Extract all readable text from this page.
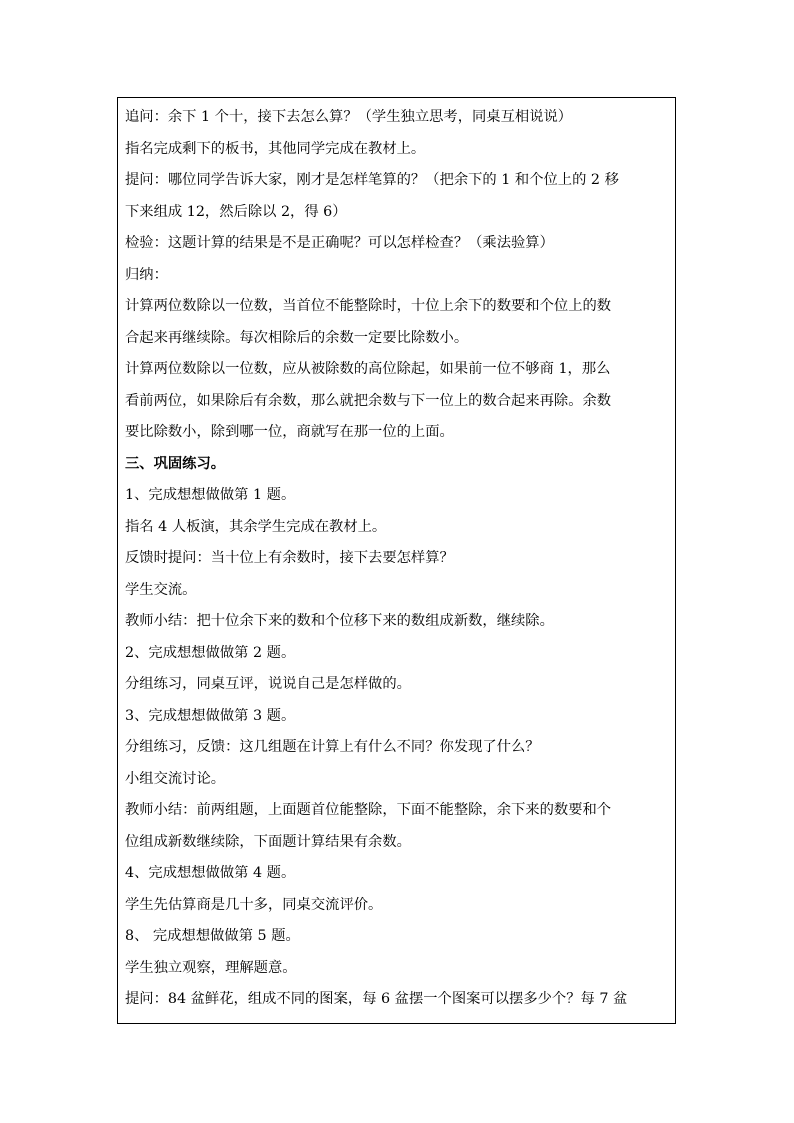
追问：余下 1 个十，接下去怎么算？（学生独立思考，同桌互相说说）
指名完成剩下的板书，其他同学完成在教材上。
提问：哪位同学告诉大家，刚才是怎样笔算的？（把余下的 1 和个位上的 2 移
下来组成 12，然后除以 2，得 6）
检验：这题计算的结果是不是正确呢？可以怎样检查？（乘法验算）
归纳：
计算两位数除以一位数，当首位不能整除时，十位上余下的数要和个位上的数
合起来再继续除。每次相除后的余数一定要比除数小。
计算两位数除以一位数，应从被除数的高位除起，如果前一位不够商 1，那么
看前两位，如果除后有余数，那么就把余数与下一位上的数合起来再除。余数
要比除数小，除到哪一位，商就写在那一位的上面。
三、巩固练习。
1、完成想想做做第 1 题。
指名 4 人板演，其余学生完成在教材上。
反馈时提问：当十位上有余数时，接下去要怎样算？
学生交流。
教师小结：把十位余下来的数和个位移下来的数组成新数，继续除。
2、完成想想做做第 2 题。
分组练习，同桌互评，说说自己是怎样做的。
3、完成想想做做第 3 题。
分组练习，反馈：这几组题在计算上有什么不同？你发现了什么？
小组交流讨论。
教师小结：前两组题，上面题首位能整除，下面不能整除，余下来的数要和个
位组成新数继续除，下面题计算结果有余数。
4、完成想想做做第 4 题。
学生先估算商是几十多，同桌交流评价。
8、 完成想想做做第 5 题。
学生独立观察，理解题意。
提问：84 盆鲜花，组成不同的图案，每 6 盆摆一个图案可以摆多少个？每 7 盆
